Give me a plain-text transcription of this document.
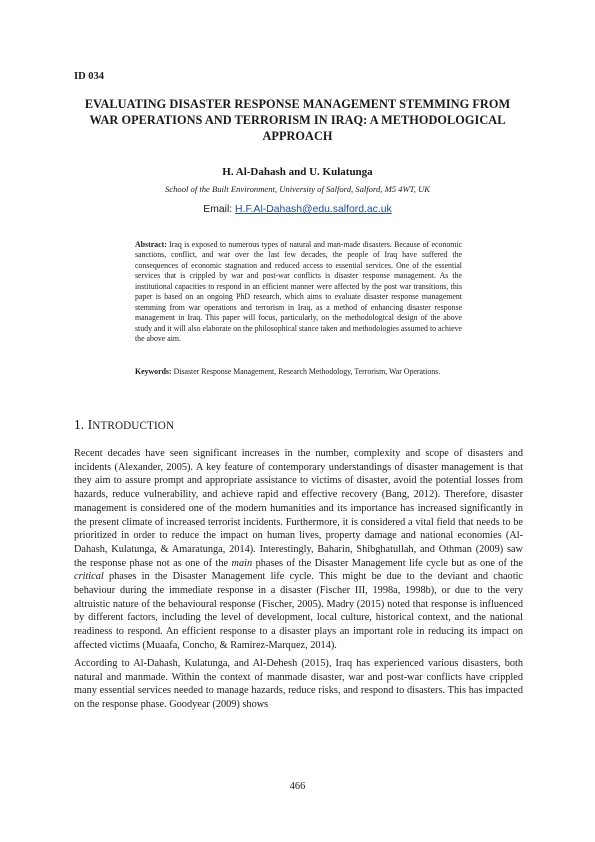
ID 034
EVALUATING DISASTER RESPONSE MANAGEMENT STEMMING FROM WAR OPERATIONS AND TERRORISM IN IRAQ: A METHODOLOGICAL APPROACH
H. Al-Dahash and U. Kulatunga
School of the Built Environment, University of Salford, Salford, M5 4WT, UK
Email: H.F.Al-Dahash@edu.salford.ac.uk
Abstract: Iraq is exposed to numerous types of natural and man-made disasters. Because of economic sanctions, conflict, and war over the last few decades, the people of Iraq have suffered the consequences of economic stagnation and reduced access to essential services. One of the essential services that is crippled by war and post-war conflicts is disaster response management. As the institutional capacities to respond in an efficient manner were affected by the post war transitions, this paper is based on an ongoing PhD research, which aims to evaluate disaster response management stemming from war operations and terrorism in Iraq, as a method of enhancing disaster response management in Iraq. This paper will focus, particularly, on the methodological design of the above study and it will also elaborate on the philosophical stance taken and methodologies assumed to achieve the above aim.
Keywords: Disaster Response Management, Research Methodology, Terrorism, War Operations.
1. INTRODUCTION
Recent decades have seen significant increases in the number, complexity and scope of disasters and incidents (Alexander, 2005). A key feature of contemporary understandings of disaster management is that they aim to assure prompt and appropriate assistance to victims of disaster, avoid the potential losses from hazards, reduce vulnerability, and achieve rapid and effective recovery (Bang, 2012). Therefore, disaster management is considered one of the modern humanities and its importance has increased significantly in the present climate of increased terrorist incidents. Furthermore, it is considered a vital field that needs to be prioritized in order to reduce the impact on human lives, property damage and national economies (Al-Dahash, Kulatunga, & Amaratunga, 2014). Interestingly, Baharin, Shibghatullah, and Othman (2009) saw the response phase not as one of the main phases of the Disaster Management life cycle but as one of the critical phases in the Disaster Management life cycle. This might be due to the deviant and chaotic behaviour during the immediate response in a disaster (Fischer III, 1998a, 1998b), or due to the very altruistic nature of the behavioural response (Fischer, 2005). Madry (2015) noted that response is influenced by different factors, including the level of development, local culture, historical context, and the national readiness to respond. An efficient response to a disaster plays an important role in reducing its impact on affected victims (Muaafa, Concho, & Ramirez-Marquez, 2014).
According to Al-Dahash, Kulatunga, and Al-Dehesh (2015), Iraq has experienced various disasters, both natural and manmade. Within the context of manmade disaster, war and post-war conflicts have crippled many essential services needed to manage hazards, reduce risks, and respond to disasters. This has impacted on the response phase. Goodyear (2009) shows
466
